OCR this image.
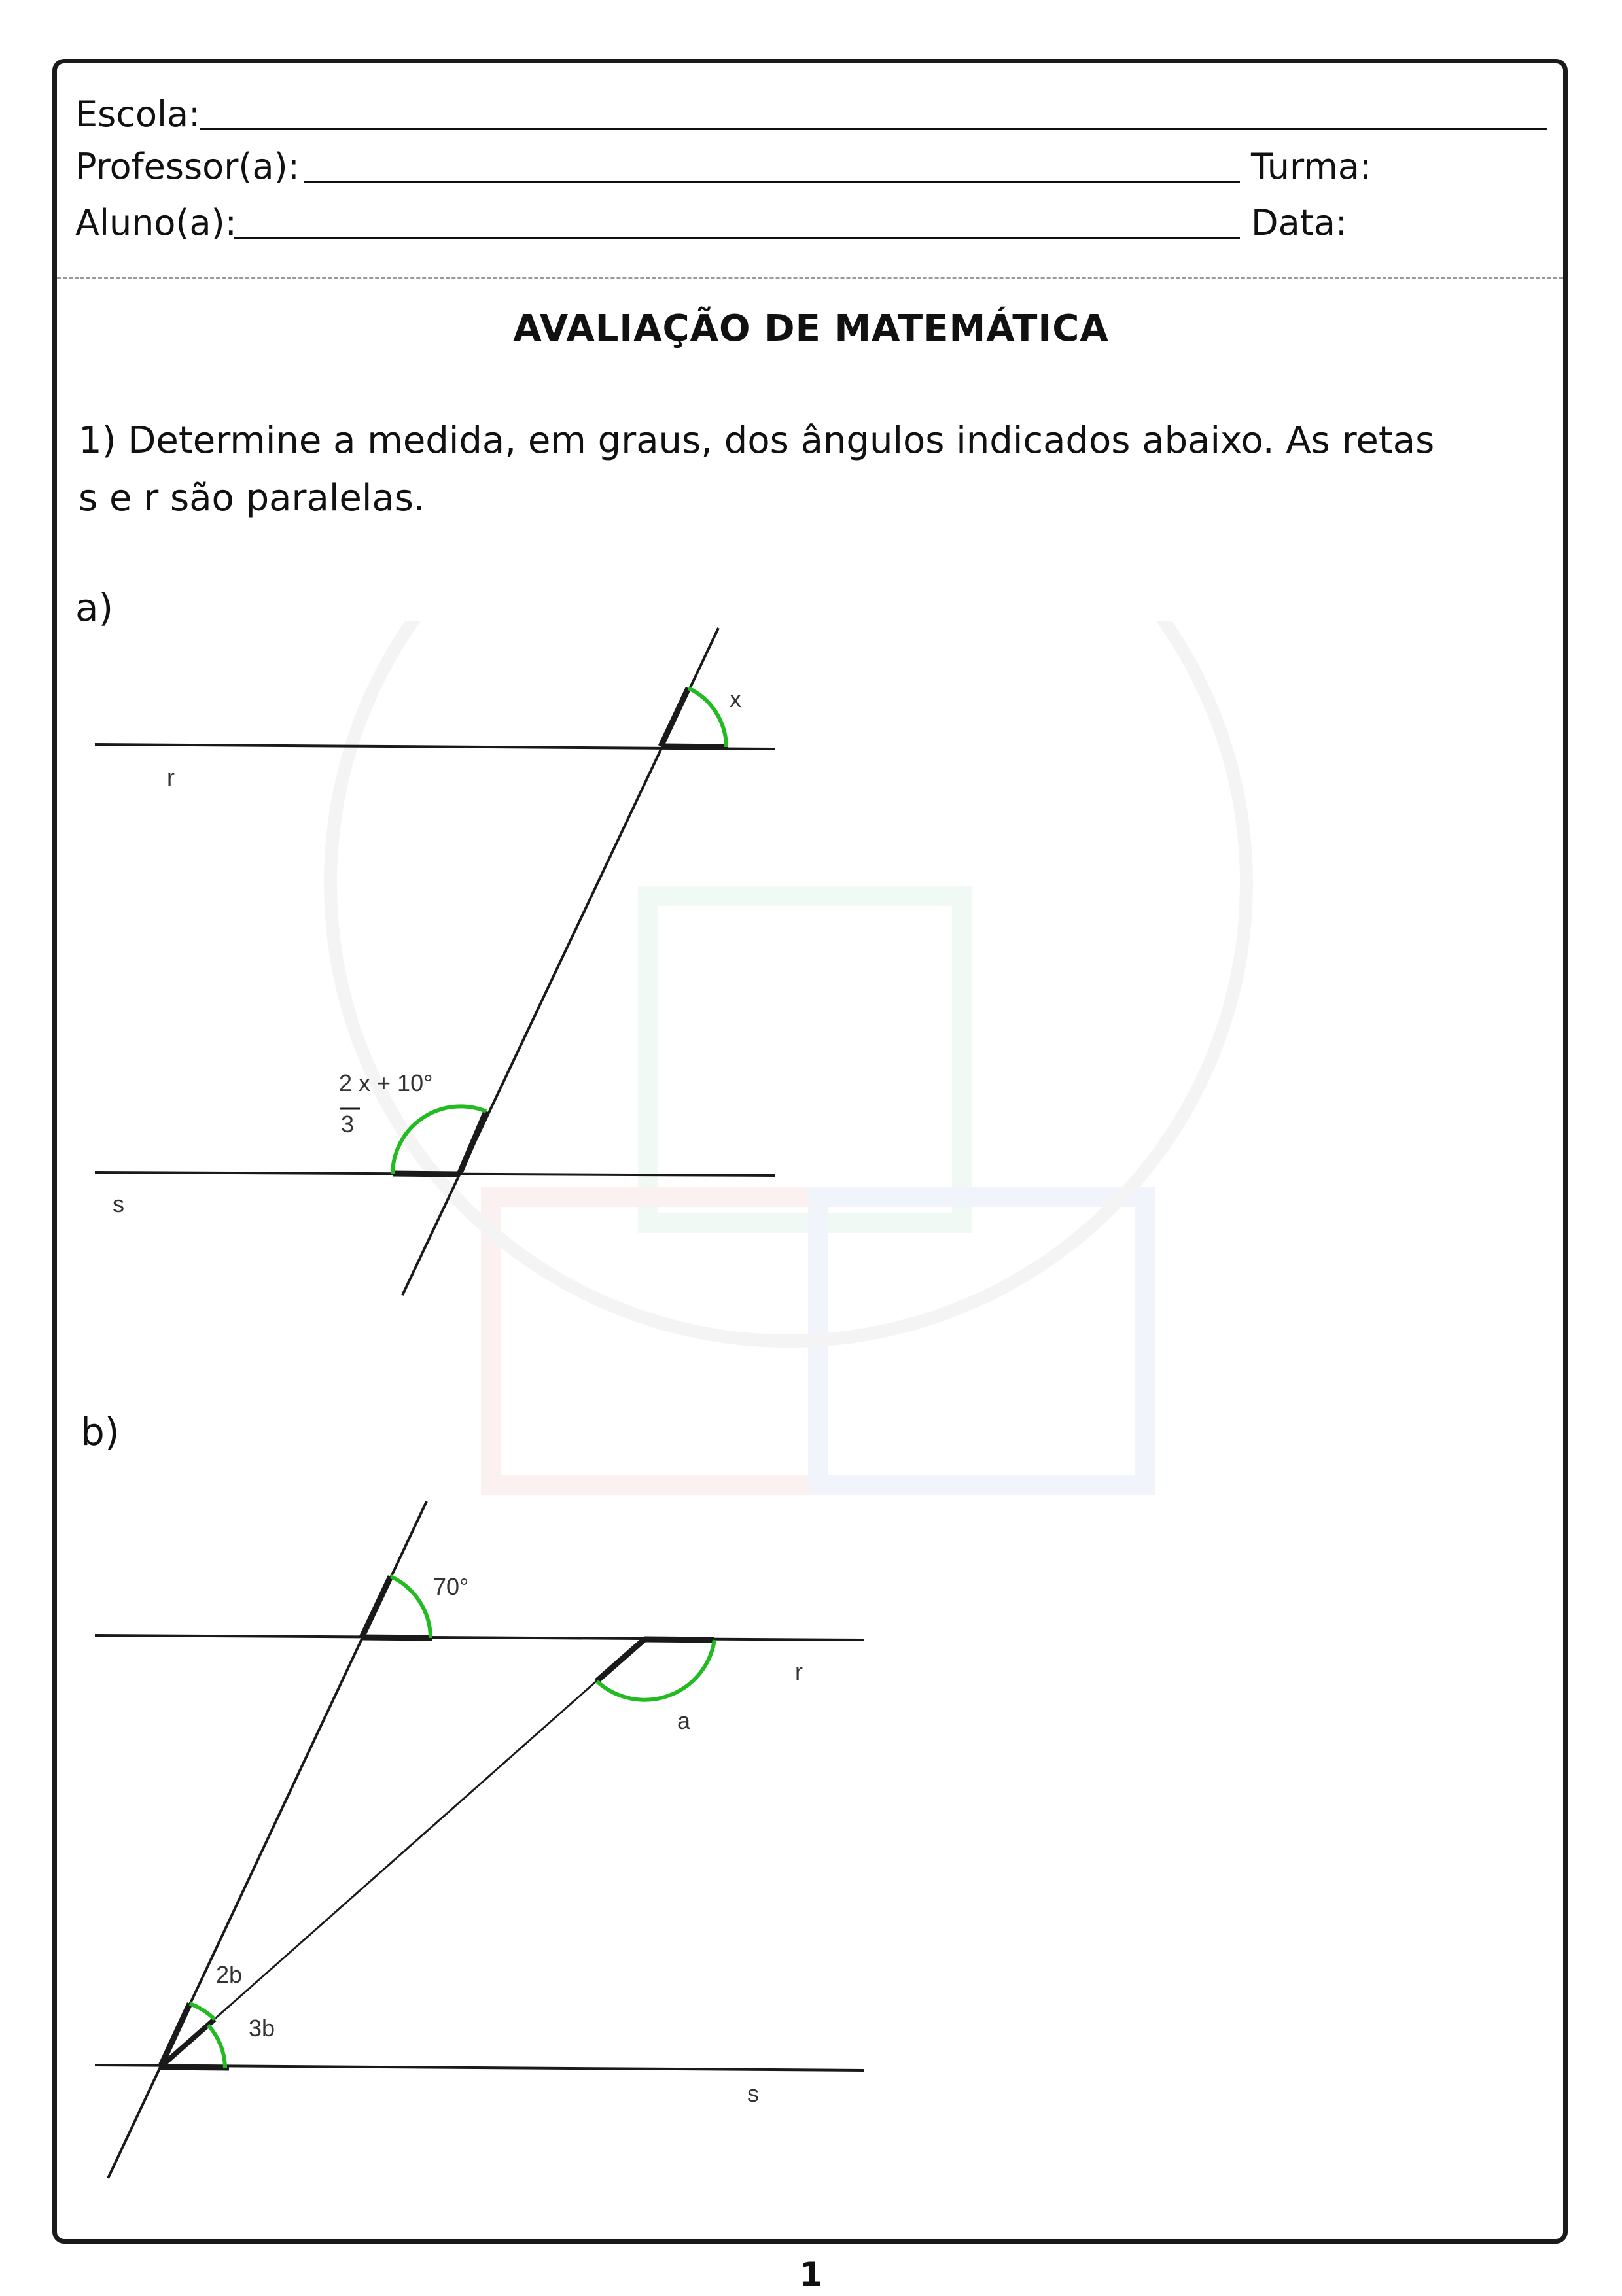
Escola:
Professor(a):	Turma:
Aluno(a):	Data:
AVALIAÇÃO DE MATEMÁTICA
1) Determine a medida, em graus, dos ângulos indicados abaixo. As retas
s e r são paralelas.
a)
b)
r
s
x
2 x + 10°
3
70°
r
a
2b
3b
s
1
